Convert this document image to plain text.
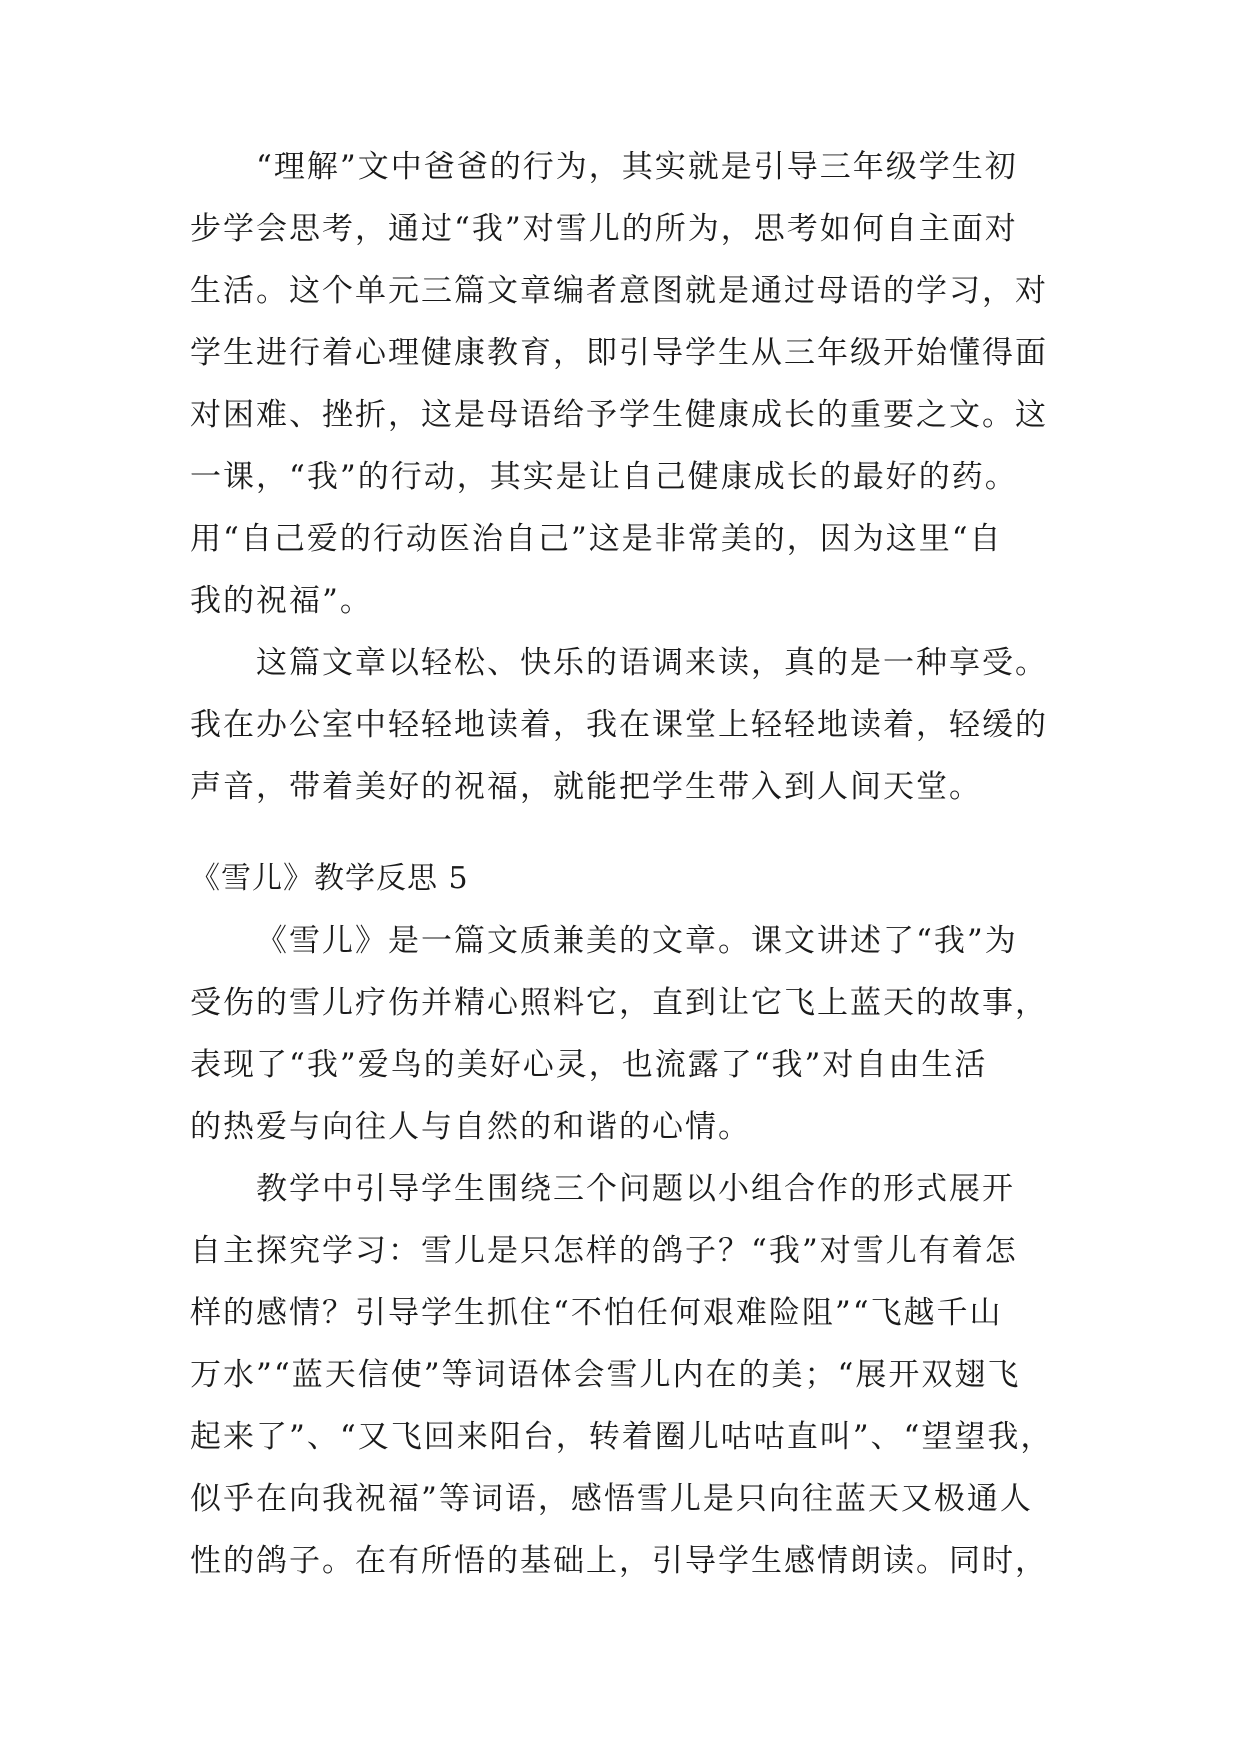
“理解”文中爸爸的行为，其实就是引导三年级学生初
步学会思考，通过“我”对雪儿的所为，思考如何自主面对
生活。这个单元三篇文章编者意图就是通过母语的学习，对
学生进行着心理健康教育，即引导学生从三年级开始懂得面
对困难、挫折，这是母语给予学生健康成长的重要之文。这
一课，“我”的行动，其实是让自己健康成长的最好的药。
用“自己爱的行动医治自己”这是非常美的，因为这里“自
我的祝福”。
这篇文章以轻松、快乐的语调来读，真的是一种享受。
我在办公室中轻轻地读着，我在课堂上轻轻地读着，轻缓的
声音，带着美好的祝福，就能把学生带入到人间天堂。
《雪儿》教学反思 5
《雪儿》是一篇文质兼美的文章。课文讲述了“我”为
受伤的雪儿疗伤并精心照料它，直到让它飞上蓝天的故事，
表现了“我”爱鸟的美好心灵，也流露了“我”对自由生活
的热爱与向往人与自然的和谐的心情。
教学中引导学生围绕三个问题以小组合作的形式展开
自主探究学习：雪儿是只怎样的鸽子？“我”对雪儿有着怎
样的感情？引导学生抓住“不怕任何艰难险阻”“飞越千山
万水”“蓝天信使”等词语体会雪儿内在的美；“展开双翅飞
起来了”、“又飞回来阳台，转着圈儿咕咕直叫”、“望望我，
似乎在向我祝福”等词语，感悟雪儿是只向往蓝天又极通人
性的鸽子。在有所悟的基础上，引导学生感情朗读。同时，
